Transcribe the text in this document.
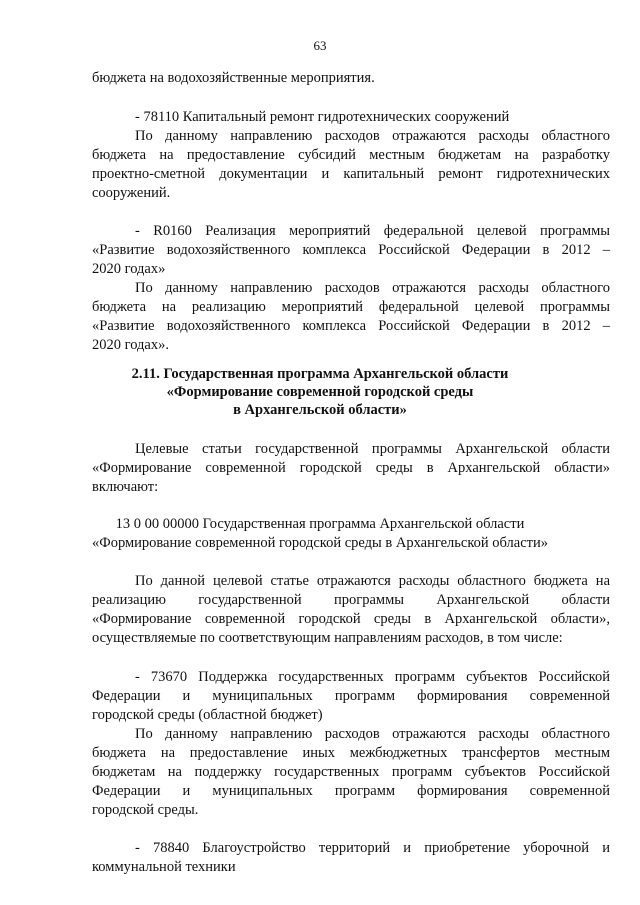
63
бюджета на водохозяйственные мероприятия.
- 78110 Капитальный ремонт гидротехнических сооружений
По данному направлению расходов отражаются расходы областного
бюджета на предоставление субсидий местным бюджетам на разработку
проектно-сметной документации и капитальный ремонт гидротехнических
сооружений.
- R0160 Реализация мероприятий федеральной целевой программы
«Развитие водохозяйственного комплекса Российской Федерации в 2012 –
2020 годах»
По данному направлению расходов отражаются расходы областного
бюджета на реализацию мероприятий федеральной целевой программы
«Развитие водохозяйственного комплекса Российской Федерации в 2012 –
2020 годах».
2.11. Государственная программа Архангельской области
«Формирование современной городской среды
в Архангельской области»
Целевые статьи государственной программы Архангельской области
«Формирование современной городской среды в Архангельской области»
включают:
13 0 00 00000 Государственная программа Архангельской области
«Формирование современной городской среды в Архангельской области»
По данной целевой статье отражаются расходы областного бюджета на
реализацию государственной программы Архангельской области
«Формирование современной городской среды в Архангельской области»,
осуществляемые по соответствующим направлениям расходов, в том числе:
- 73670 Поддержка государственных программ субъектов Российской
Федерации и муниципальных программ формирования современной
городской среды (областной бюджет)
По данному направлению расходов отражаются расходы областного
бюджета на предоставление иных межбюджетных трансфертов местным
бюджетам на поддержку государственных программ субъектов Российской
Федерации и муниципальных программ формирования современной
городской среды.
- 78840 Благоустройство территорий и приобретение уборочной и
коммунальной техники
